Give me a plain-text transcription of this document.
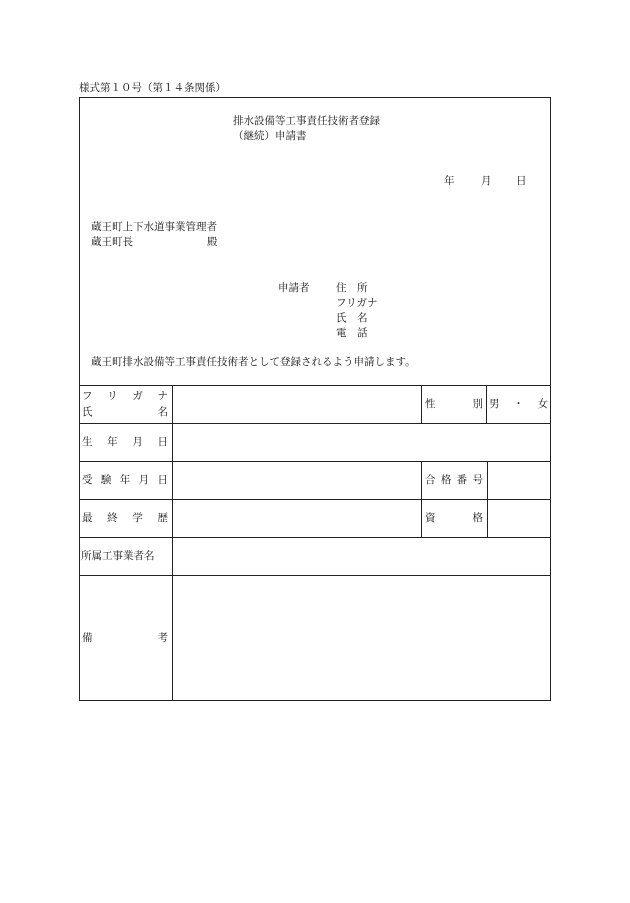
様式第１０号（第１４条関係）
排水設備等工事責任技術者登録
（継続）申請書
年	月 日
蔵王町上下水道事業管理者
蔵王町長	殿
申請者	住　所
フリガナ
氏　名
電　話
蔵王町排水設備等工事責任技術者として登録されるよう申請します。
フ リ ガ ナ
氏	名
性	別 男 ・ 女
生 年 月 日
受 験 年 月 日	合 格 番 号
最 終 学 歴	資	格
所属工事業者名
備	考
